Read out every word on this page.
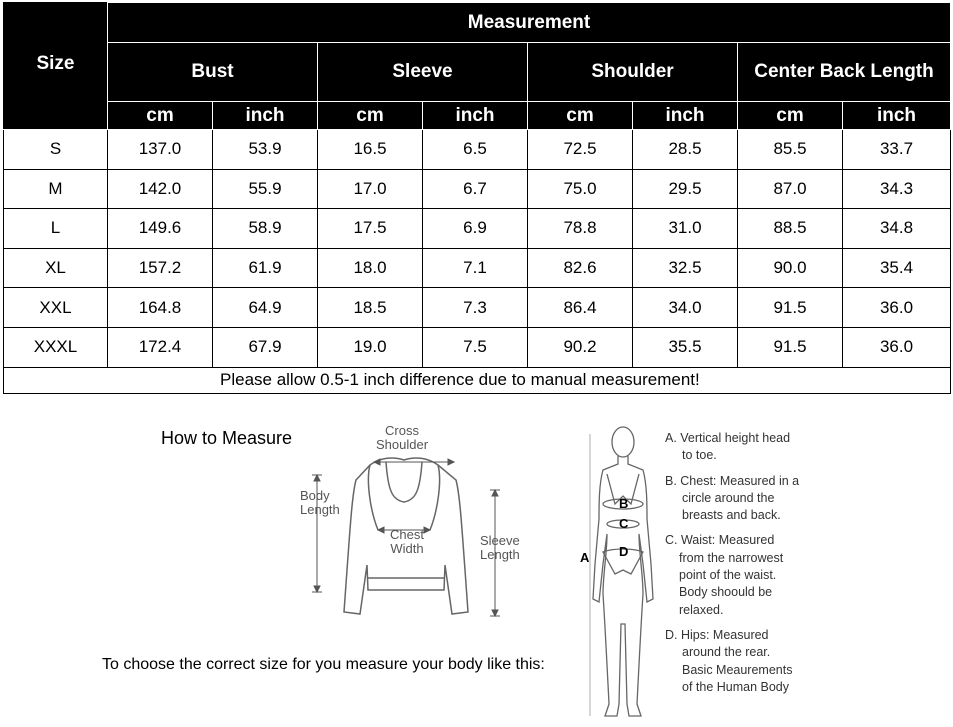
Size	Measurement							
	Bust		Sleeve		Shoulder		Center Back Length	
	cm	inch	cm	inch	cm	inch	cm	inch
S	137.0	53.9	16.5	6.5	72.5	28.5	85.5	33.7
M	142.0	55.9	17.0	6.7	75.0	29.5	87.0	34.3
L	149.6	58.9	17.5	6.9	78.8	31.0	88.5	34.8
XL	157.2	61.9	18.0	7.1	82.6	32.5	90.0	35.4
XXL	164.8	64.9	18.5	7.3	86.4	34.0	91.5	36.0
XXXL	172.4	67.9	19.0	7.5	90.2	35.5	91.5	36.0
Please allow 0.5-1 inch difference due to manual measurement!								
How to Measure	Cross
Shoulder
Body
Length
Chest
Width
Sleeve
Length
To choose the correct size for you measure your body like this:
A
B
C
D
A. Vertical height head
to toe.
B. Chest: Measured in a
circle around the
breasts and back.
C. Waist: Measured
from the narrowest
point of the waist.
Body shoould be
relaxed.
D. Hips: Measured
around the rear.
Basic Meaurements
of the Human Body
